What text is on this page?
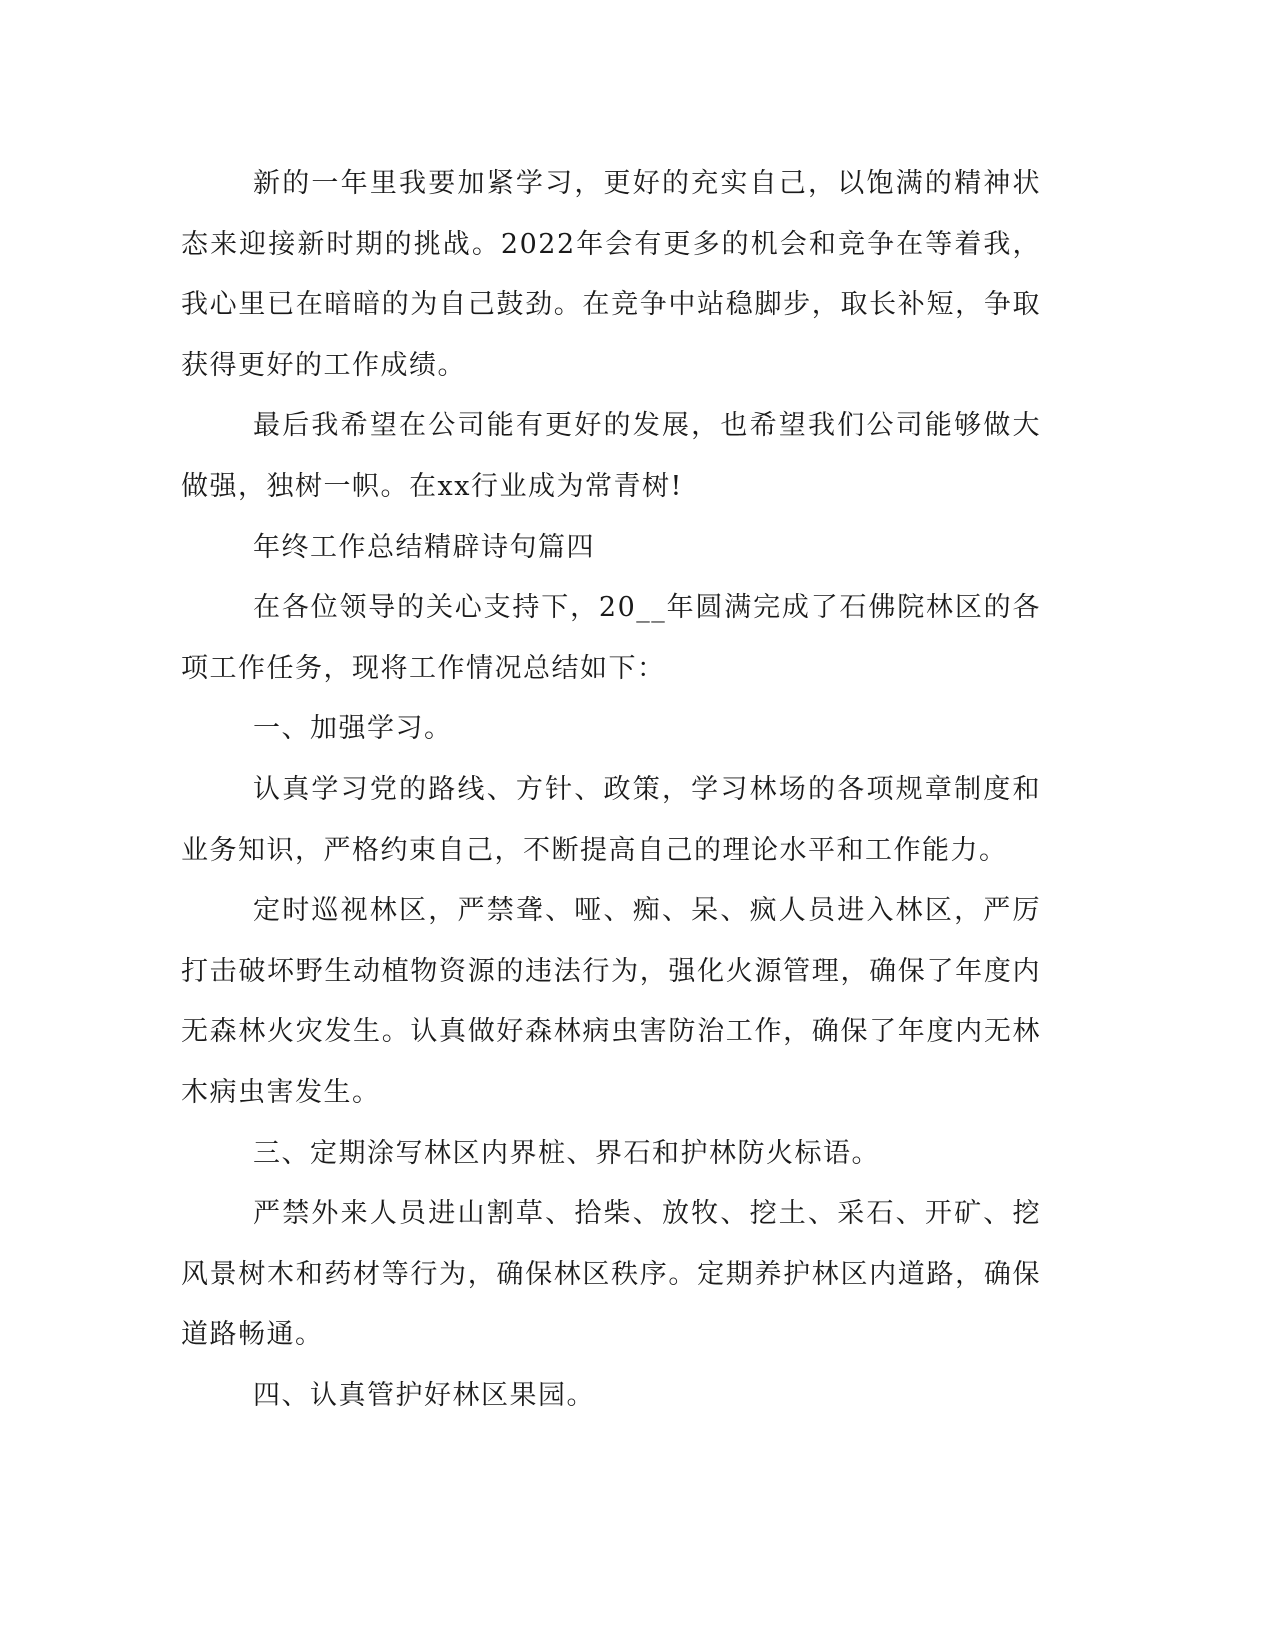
新的一年里我要加紧学习，更好的充实自己，以饱满的精神状态来迎接新时期的挑战。2022年会有更多的机会和竞争在等着我，我心里已在暗暗的为自己鼓劲。在竞争中站稳脚步，取长补短，争取获得更好的工作成绩。

最后我希望在公司能有更好的发展，也希望我们公司能够做大做强，独树一帜。在xx行业成为常青树!

年终工作总结精辟诗句篇四

在各位领导的关心支持下，20__年圆满完成了石佛院林区的各项工作任务，现将工作情况总结如下：

一、加强学习。

认真学习党的路线、方针、政策，学习林场的各项规章制度和业务知识，严格约束自己，不断提高自己的理论水平和工作能力。

定时巡视林区，严禁聋、哑、痴、呆、疯人员进入林区，严厉打击破坏野生动植物资源的违法行为，强化火源管理，确保了年度内无森林火灾发生。认真做好森林病虫害防治工作，确保了年度内无林木病虫害发生。

三、定期涂写林区内界桩、界石和护林防火标语。

严禁外来人员进山割草、拾柴、放牧、挖土、采石、开矿、挖风景树木和药材等行为，确保林区秩序。定期养护林区内道路，确保道路畅通。

四、认真管护好林区果园。
